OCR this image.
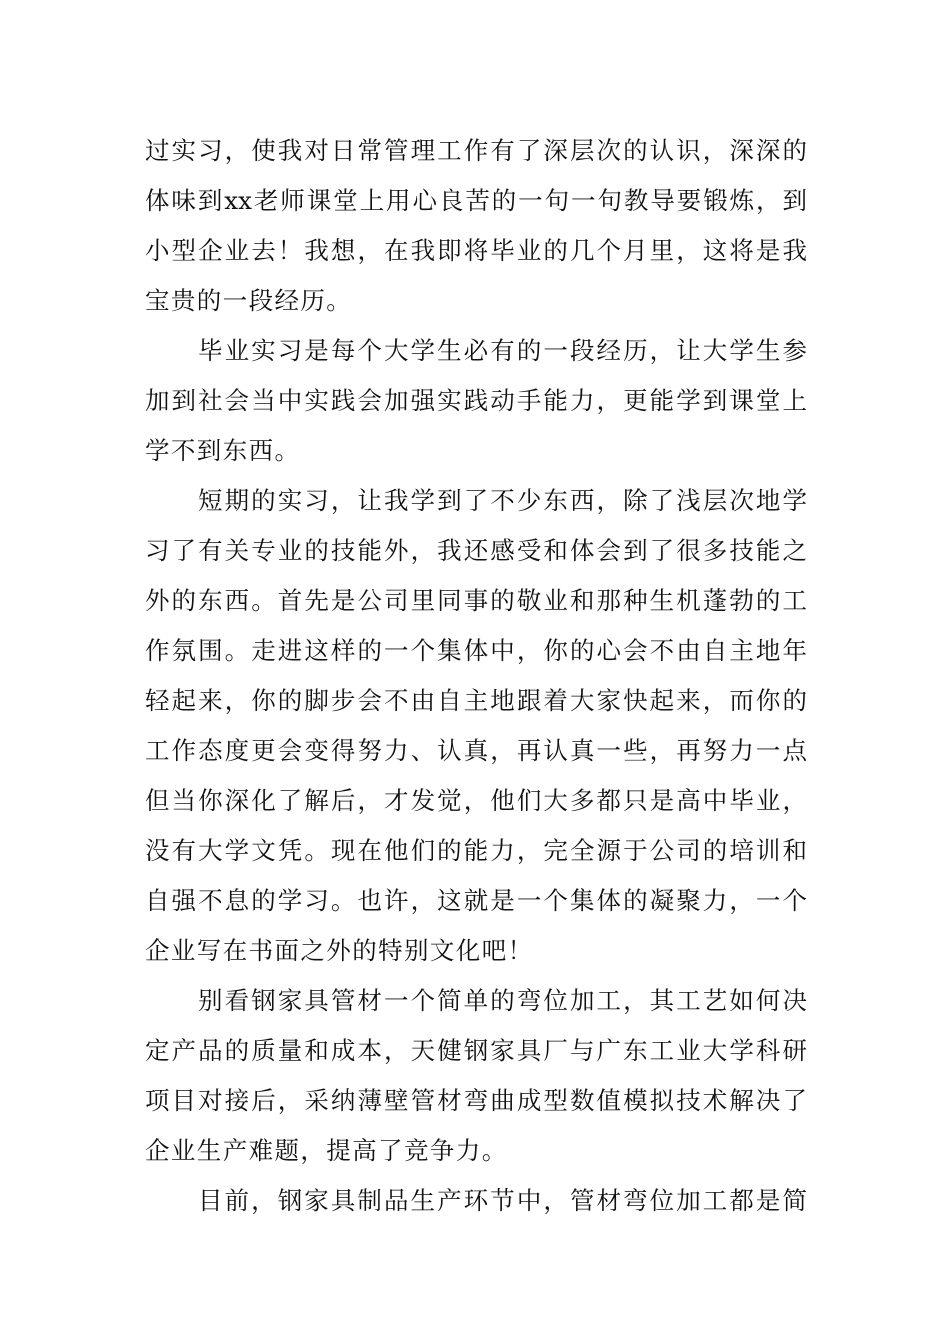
过实习，使我对日常管理工作有了深层次的认识，深深的
体味到xx老师课堂上用心良苦的一句一句教导要锻炼，到
小型企业去！我想，在我即将毕业的几个月里，这将是我
宝贵的一段经历。
毕业实习是每个大学生必有的一段经历，让大学生参
加到社会当中实践会加强实践动手能力，更能学到课堂上
学不到东西。
短期的实习，让我学到了不少东西，除了浅层次地学
习了有关专业的技能外，我还感受和体会到了很多技能之
外的东西。首先是公司里同事的敬业和那种生机蓬勃的工
作氛围。走进这样的一个集体中，你的心会不由自主地年
轻起来，你的脚步会不由自主地跟着大家快起来，而你的
工作态度更会变得努力、认真，再认真一些，再努力一点
但当你深化了解后，才发觉，他们大多都只是高中毕业，
没有大学文凭。现在他们的能力，完全源于公司的培训和
自强不息的学习。也许，这就是一个集体的凝聚力，一个
企业写在书面之外的特别文化吧！
别看钢家具管材一个简单的弯位加工，其工艺如何决
定产品的质量和成本，天健钢家具厂与广东工业大学科研
项目对接后，采纳薄壁管材弯曲成型数值模拟技术解决了
企业生产难题，提高了竞争力。
目前，钢家具制品生产环节中，管材弯位加工都是简
